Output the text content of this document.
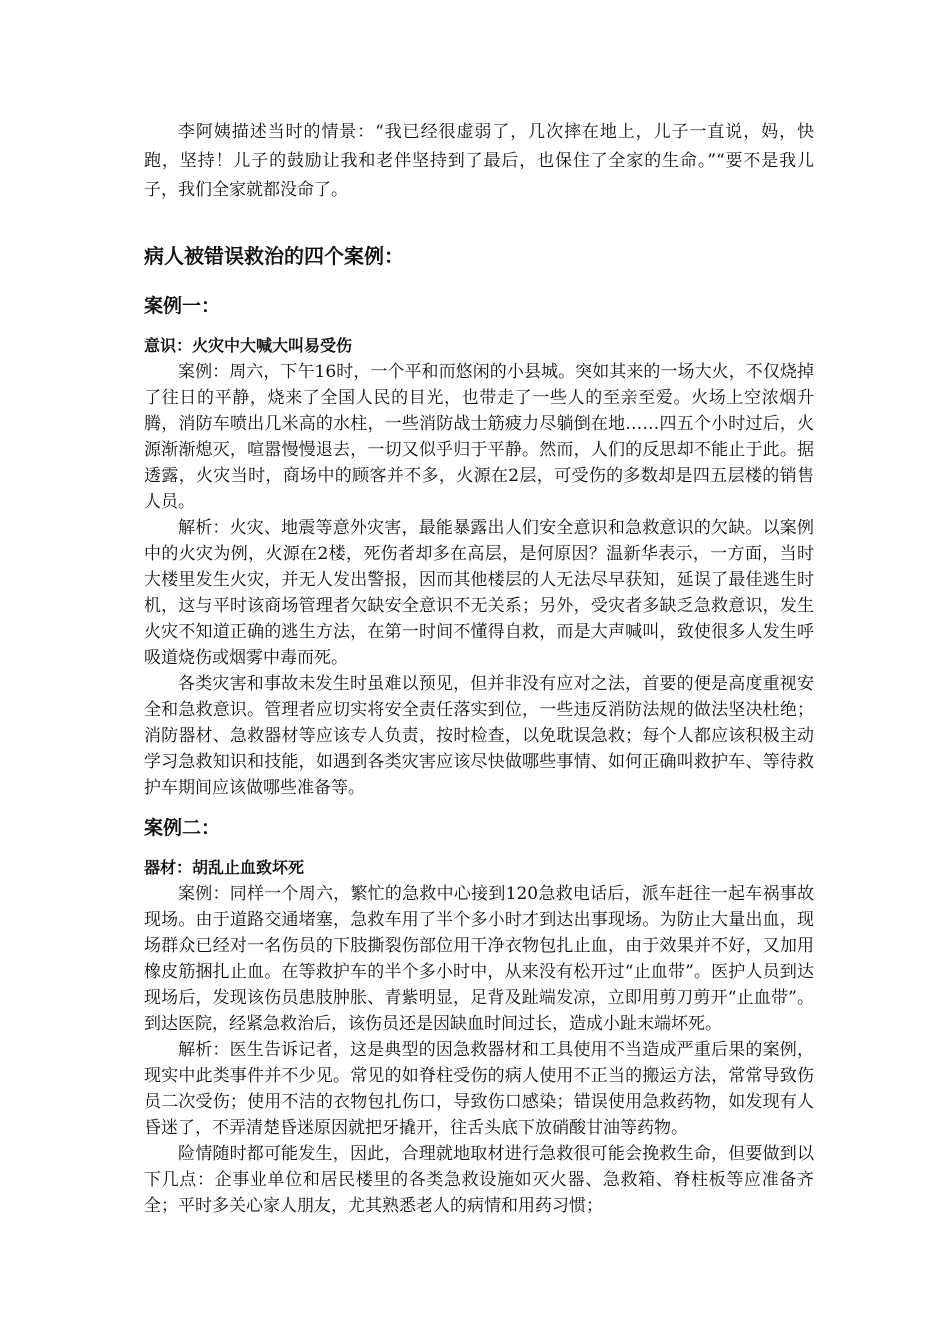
李阿姨描述当时的情景：“我已经很虚弱了，几次摔在地上，儿子一直说，妈，快跑，坚持！儿子的鼓励让我和老伴坚持到了最后，也保住了全家的生命。”“要不是我儿子，我们全家就都没命了。

病人被错误救治的四个案例：
案例一：
意识：火灾中大喊大叫易受伤

案例：周六，下午16时，一个平和而悠闲的小县城。突如其来的一场大火，不仅烧掉了往日的平静，烧来了全国人民的目光，也带走了一些人的至亲至爱。火场上空浓烟升腾，消防车喷出几米高的水柱，一些消防战士筋疲力尽躺倒在地……四五个小时过后，火源渐渐熄灭，喧嚣慢慢退去，一切又似乎归于平静。然而，人们的反思却不能止于此。据透露，火灾当时，商场中的顾客并不多，火源在2层，可受伤的多数却是四五层楼的销售人员。

解析：火灾、地震等意外灾害，最能暴露出人们安全意识和急救意识的欠缺。以案例中的火灾为例，火源在2楼，死伤者却多在高层，是何原因？温新华表示，一方面，当时大楼里发生火灾，并无人发出警报，因而其他楼层的人无法尽早获知，延误了最佳逃生时机，这与平时该商场管理者欠缺安全意识不无关系；另外，受灾者多缺乏急救意识，发生火灾不知道正确的逃生方法，在第一时间不懂得自救，而是大声喊叫，致使很多人发生呼吸道烧伤或烟雾中毒而死。

各类灾害和事故未发生时虽难以预见，但并非没有应对之法，首要的便是高度重视安全和急救意识。管理者应切实将安全责任落实到位，一些违反消防法规的做法坚决杜绝；消防器材、急救器材等应该专人负责，按时检查，以免耽误急救；每个人都应该积极主动学习急救知识和技能，如遇到各类灾害应该尽快做哪些事情、如何正确叫救护车、等待救护车期间应该做哪些准备等。

案例二：
器材：胡乱止血致坏死

案例：同样一个周六，繁忙的急救中心接到120急救电话后，派车赶往一起车祸事故现场。由于道路交通堵塞，急救车用了半个多小时才到达出事现场。为防止大量出血，现场群众已经对一名伤员的下肢撕裂伤部位用干净衣物包扎止血，由于效果并不好，又加用橡皮筋捆扎止血。在等救护车的半个多小时中，从来没有松开过“止血带”。医护人员到达现场后，发现该伤员患肢肿胀、青紫明显，足背及趾端发凉，立即用剪刀剪开“止血带”。到达医院，经紧急救治后，该伤员还是因缺血时间过长，造成小趾末端坏死。

解析：医生告诉记者，这是典型的因急救器材和工具使用不当造成严重后果的案例，现实中此类事件并不少见。常见的如脊柱受伤的病人使用不正当的搬运方法，常常导致伤员二次受伤；使用不洁的衣物包扎伤口，导致伤口感染；错误使用急救药物，如发现有人昏迷了，不弄清楚昏迷原因就把牙撬开，往舌头底下放硝酸甘油等药物。

险情随时都可能发生，因此，合理就地取材进行急救很可能会挽救生命，但要做到以下几点：企事业单位和居民楼里的各类急救设施如灭火器、急救箱、脊柱板等应准备齐全；平时多关心家人朋友，尤其熟悉老人的病情和用药习惯；
